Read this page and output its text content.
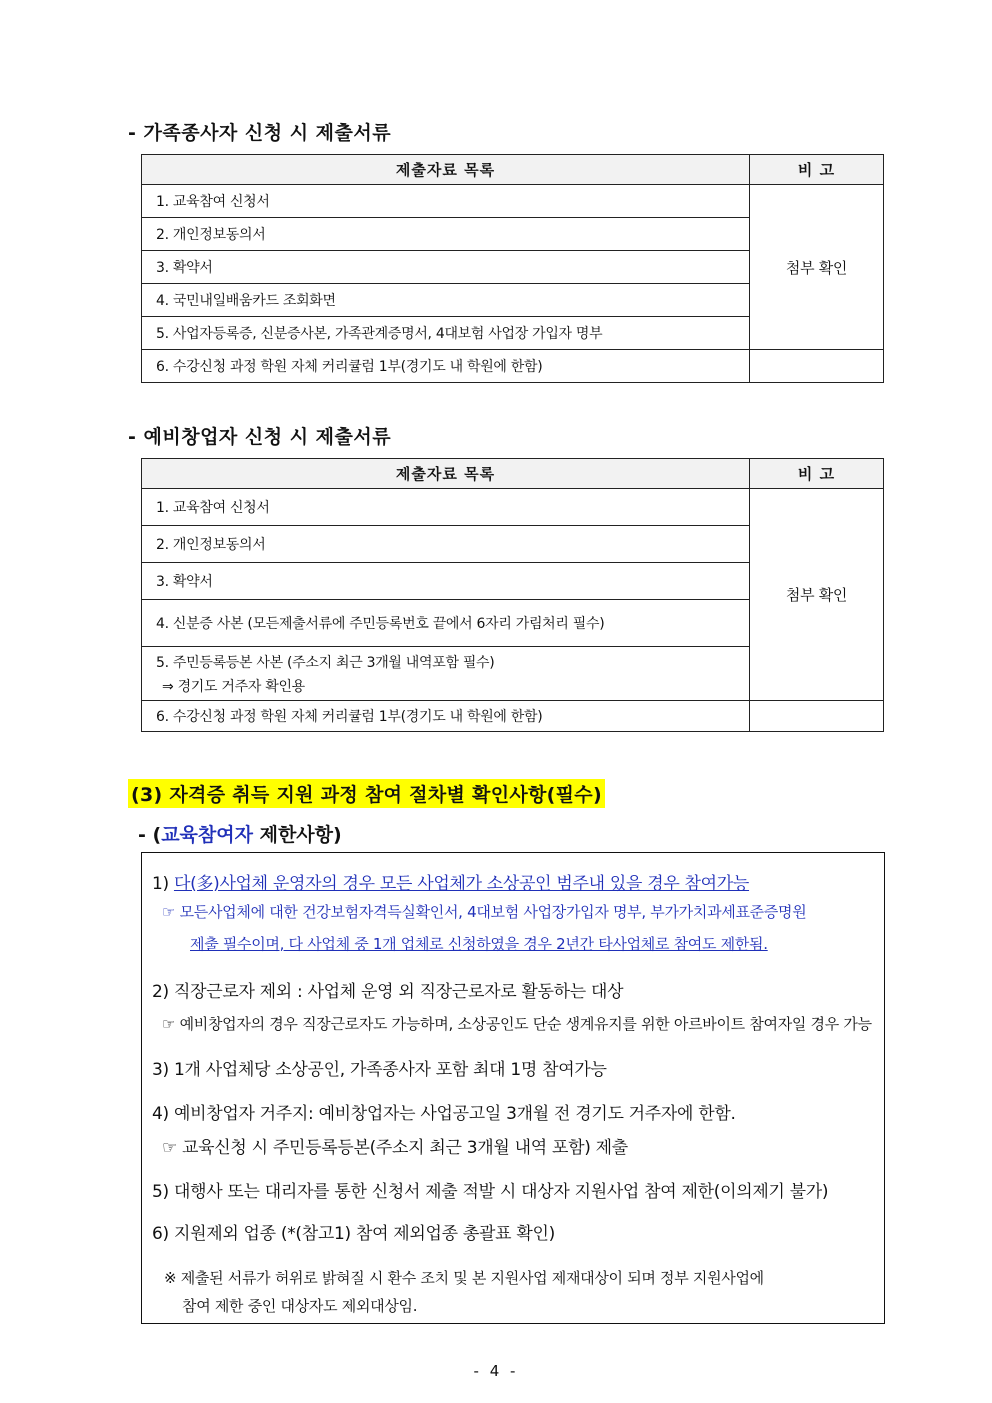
- 가족종사자 신청 시 제출서류
제출자료 목록	비 고
1. 교육참여 신청서	첨부 확인
2. 개인정보동의서	
3. 확약서	
4. 국민내일배움카드 조회화면	
5. 사업자등록증, 신분증사본, 가족관계증명서, 4대보험 사업장 가입자 명부	
6. 수강신청 과정 학원 자체 커리큘럼 1부(경기도 내 학원에 한함)	
- 예비창업자 신청 시 제출서류
제출자료 목록	비 고
1. 교육참여 신청서	첨부 확인
2. 개인정보동의서	
3. 확약서	
4. 신분증 사본 (모든제출서류에 주민등록번호 끝에서 6자리 가림처리 필수)	

5. 주민등록등본 사본 (주소지 최근 3개월 내역포함 필수)
⇒ 경기도 거주자 확인용	

6. 수강신청 과정 학원 자체 커리큘럼 1부(경기도 내 학원에 한함)	
(3) 자격증 취득 지원 과정 참여 절차별 확인사항(필수)
- (교육참여자 제한사항)
1) 다(多)사업체 운영자의 경우 모든 사업체가 소상공인 범주내 있을 경우 참여가능
☞ 모든사업체에 대한 건강보험자격득실확인서, 4대보험 사업장가입자 명부, 부가가치과세표준증명원
제출 필수이며, 다 사업체 중 1개 업체로 신청하였을 경우 2년간 타사업체로 참여도 제한됨.
2) 직장근로자 제외 : 사업체 운영 외 직장근로자로 활동하는 대상
☞ 예비창업자의 경우 직장근로자도 가능하며, 소상공인도 단순 생계유지를 위한 아르바이트 참여자일 경우 가능
3) 1개 사업체당 소상공인, 가족종사자 포함 최대 1명 참여가능
4) 예비창업자 거주지: 예비창업자는 사업공고일 3개월 전 경기도 거주자에 한함.
☞ 교육신청 시 주민등록등본(주소지 최근 3개월 내역 포함) 제출
5) 대행사 또는 대리자를 통한 신청서 제출 적발 시 대상자 지원사업 참여 제한(이의제기 불가)
6) 지원제외 업종 (*(참고1) 참여 제외업종 총괄표 확인)
※ 제출된 서류가 허위로 밝혀질 시 환수 조치 및 본 지원사업 제재대상이 되며 정부 지원사업에
참여 제한 중인 대상자도 제외대상임.
- 4 -
